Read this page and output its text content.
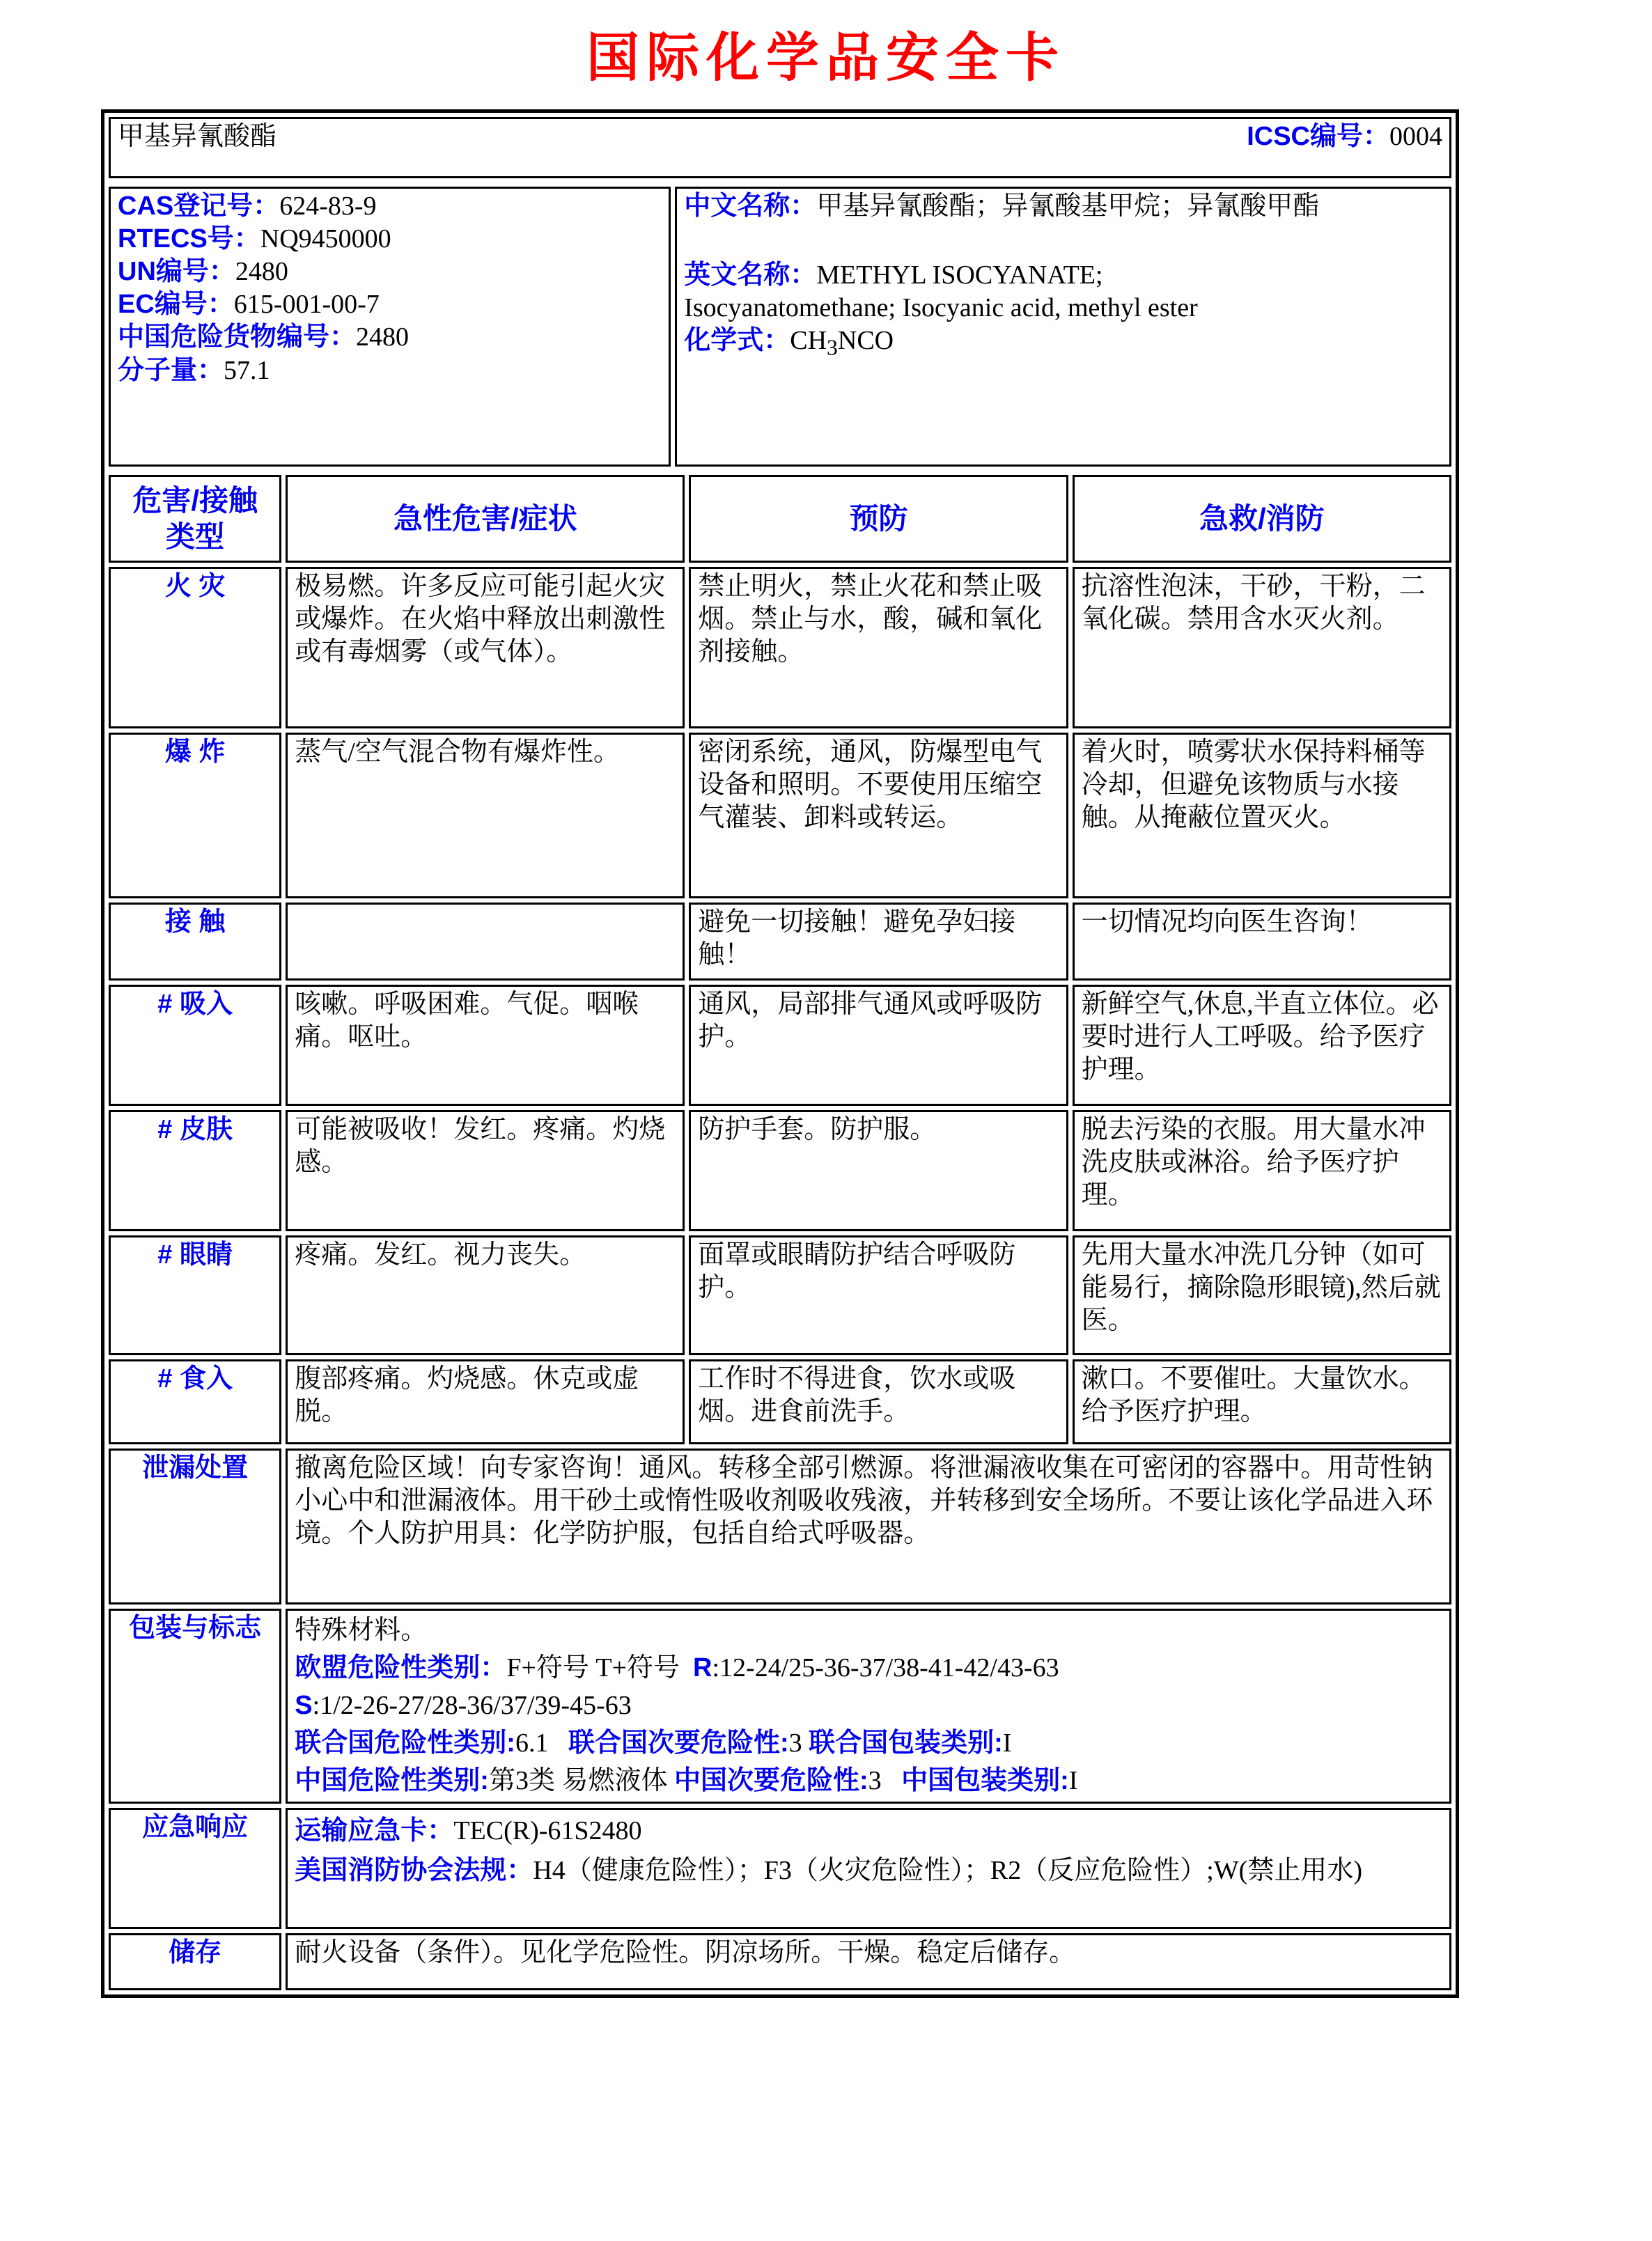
国际化学品安全卡
甲基异氰酸酯	ICSC编号：0004
CAS登记号：624-83-9
RTECS号：NQ9450000
UN编号：2480
EC编号：615-001-00-7
中国危险货物编号：2480
分子量：57.1

中文名称：甲基异氰酸酯；异氰酸基甲烷；异氰酸甲酯
英文名称：METHYL ISOCYANATE;
Isocyanatomethane; Isocyanic acid, methyl ester
化学式：$CH_3NCO$
危害/接触
类型	急性危害/症状	预防	急救/消防
火 灾	极易燃。许多反应可能引起火灾或爆炸。在火焰中释放出刺激性或有毒烟雾（或气体）。	禁止明火，禁止火花和禁止吸烟。禁止与水，酸，碱和氧化剂接触。	抗溶性泡沫，干砂，干粉，二氧化碳。禁用含水灭火剂。
爆 炸	蒸气/空气混合物有爆炸性。	密闭系统，通风，防爆型电气设备和照明。不要使用压缩空气灌装、卸料或转运。	着火时，喷雾状水保持料桶等冷却，但避免该物质与水接触。从掩蔽位置灭火。
接 触		避免一切接触！避免孕妇接触！	一切情况均向医生咨询！
# 吸入	咳嗽。呼吸困难。气促。咽喉痛。呕吐。	通风，局部排气通风或呼吸防护。	新鲜空气,休息,半直立体位。必要时进行人工呼吸。给予医疗护理。
# 皮肤	可能被吸收！发红。疼痛。灼烧感。	防护手套。防护服。	脱去污染的衣服。用大量水冲洗皮肤或淋浴。给予医疗护理。
# 眼睛	疼痛。发红。视力丧失。	面罩或眼睛防护结合呼吸防护。	先用大量水冲洗几分钟（如可能易行，摘除隐形眼镜),然后就医。
# 食入	腹部疼痛。灼烧感。休克或虚脱。	工作时不得进食，饮水或吸烟。进食前洗手。	漱口。不要催吐。大量饮水。给予医疗护理。
泄漏处置	撤离危险区域！向专家咨询！通风。转移全部引燃源。将泄漏液收集在可密闭的容器中。用苛性钠小心中和泄漏液体。用干砂土或惰性吸收剂吸收残液，并转移到安全场所。不要让该化学品进入环境。个人防护用具：化学防护服，包括自给式呼吸器。		
包装与标志	特殊材料。
欧盟危险性类别：F+符号 T+符号 R:12-24/25-36-37/38-41-42/43-63
S:1/2-26-27/28-36/37/39-45-63
联合国危险性类别:6.1 联合国次要危险性:3 联合国包装类别:I
中国危险性类别:第3类 易燃液体 中国次要危险性:3 中国包装类别:I		

应急响应	运输应急卡：TEC(R)-61S2480
美国消防协会法规：H4（健康危险性）；F3（火灾危险性）；R2（反应危险性）;W(禁止用水)		

储存	耐火设备（条件）。见化学危险性。阴凉场所。干燥。稳定后储存。		
